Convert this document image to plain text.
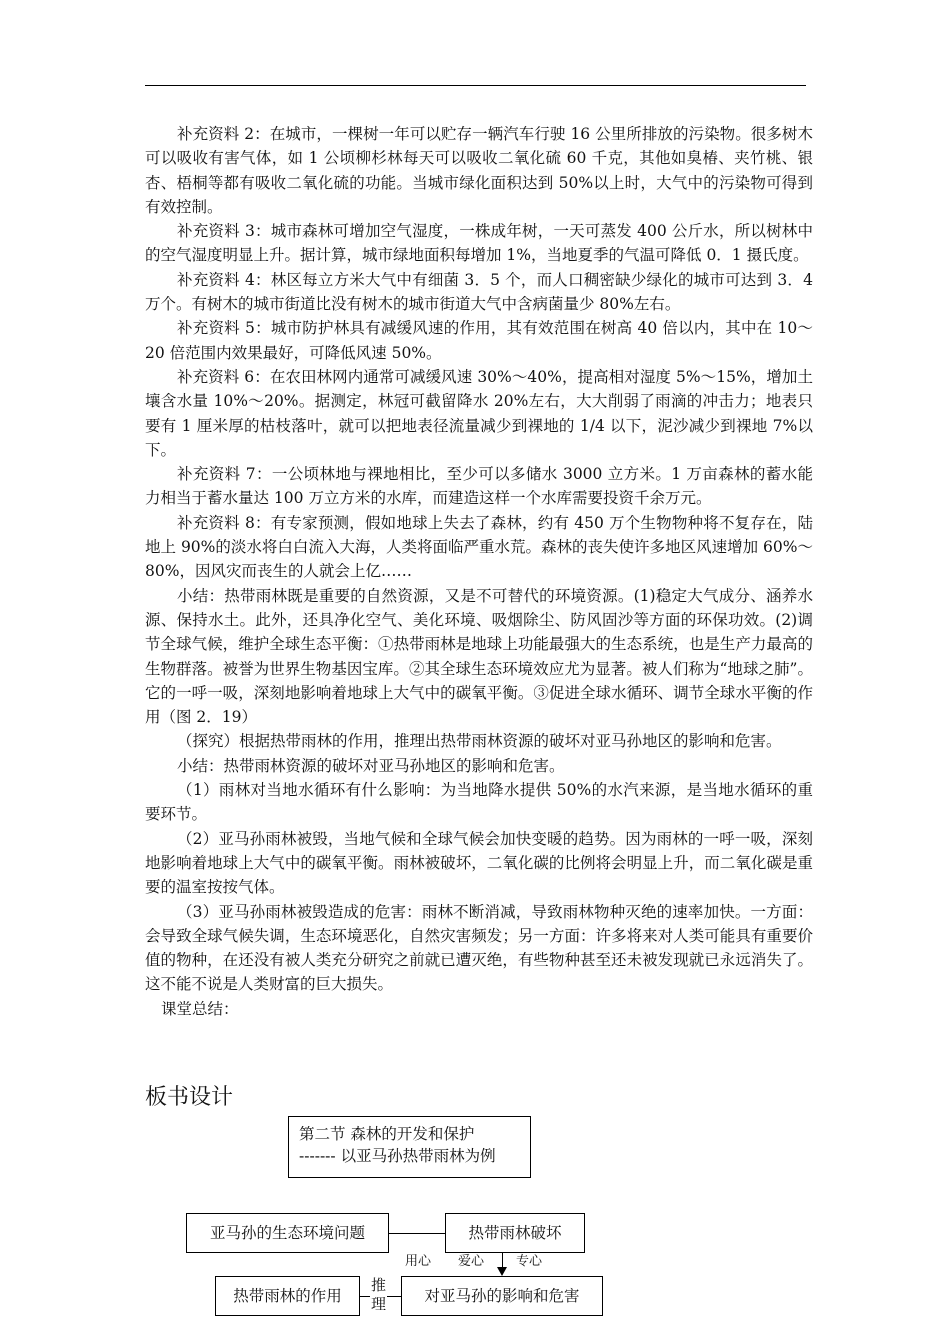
补充资料 2：在城市，一棵树一年可以贮存一辆汽车行驶 16 公里所排放的污染物。很多树木可以吸收有害气体，如 1 公顷柳杉林每天可以吸收二氧化硫 60 千克，其他如臭椿、夹竹桃、银杏、梧桐等都有吸收二氧化硫的功能。当城市绿化面积达到 50%以上时，大气中的污染物可得到有效控制。

补充资料 3：城市森林可增加空气湿度，一株成年树，一天可蒸发 400 公斤水，所以树林中的空气湿度明显上升。据计算，城市绿地面积每增加 1%，当地夏季的气温可降低 0．1 摄氏度。

补充资料 4：林区每立方米大气中有细菌 3．5 个，而人口稠密缺少绿化的城市可达到 3．4 万个。有树木的城市街道比没有树木的城市街道大气中含病菌量少 80%左右。

补充资料 5：城市防护林具有减缓风速的作用，其有效范围在树高 40 倍以内，其中在 10～20 倍范围内效果最好，可降低风速 50%。

补充资料 6：在农田林网内通常可减缓风速 30%～40%，提高相对湿度 5%～15%，增加土壤含水量 10%～20%。据测定，林冠可截留降水 20%左右，大大削弱了雨滴的冲击力；地表只要有 1 厘米厚的枯枝落叶，就可以把地表径流量减少到裸地的 1/4 以下，泥沙减少到裸地 7%以下。

补充资料 7：一公顷林地与裸地相比，至少可以多储水 3000 立方米。1 万亩森林的蓄水能力相当于蓄水量达 100 万立方米的水库，而建造这样一个水库需要投资千余万元。

补充资料 8：有专家预测，假如地球上失去了森林，约有 450 万个生物物种将不复存在，陆地上 90%的淡水将白白流入大海，人类将面临严重水荒。森林的丧失使许多地区风速增加 60%～80%，因风灾而丧生的人就会上亿……

小结：热带雨林既是重要的自然资源，又是不可替代的环境资源。(1)稳定大气成分、涵养水源、保持水土。此外，还具净化空气、美化环境、吸烟除尘、防风固沙等方面的环保功效。(2)调节全球气候，维护全球生态平衡：①热带雨林是地球上功能最强大的生态系统，也是生产力最高的生物群落。被誉为世界生物基因宝库。②其全球生态环境效应尤为显著。被人们称为“地球之肺”。它的一呼一吸，深刻地影响着地球上大气中的碳氧平衡。③促进全球水循环、调节全球水平衡的作用（图 2．19）

（探究）根据热带雨林的作用，推理出热带雨林资源的破坏对亚马孙地区的影响和危害。

小结：热带雨林资源的破坏对亚马孙地区的影响和危害。

（1）雨林对当地水循环有什么影响：为当地降水提供 50%的水汽来源，是当地水循环的重要环节。

（2）亚马孙雨林被毁，当地气候和全球气候会加快变暖的趋势。因为雨林的一呼一吸，深刻地影响着地球上大气中的碳氧平衡。雨林被破坏，二氧化碳的比例将会明显上升，而二氧化碳是重要的温室按按气体。

（3）亚马孙雨林被毁造成的危害：雨林不断消减，导致雨林物种灭绝的速率加快。一方面：会导致全球气候失调，生态环境恶化，自然灾害频发；另一方面：许多将来对人类可能具有重要价值的物种，在还没有被人类充分研究之前就已遭灭绝，有些物种甚至还未被发现就已永远消失了。这不能不说是人类财富的巨大损失。

课堂总结：

板书设计
第二节 森林的开发和保护
------- 以亚马孙热带雨林为例
亚马孙的生态环境问题	热带雨林破坏
用心 爱心 专心
热带雨林的作用	对亚马孙的影响和危害
推
理
